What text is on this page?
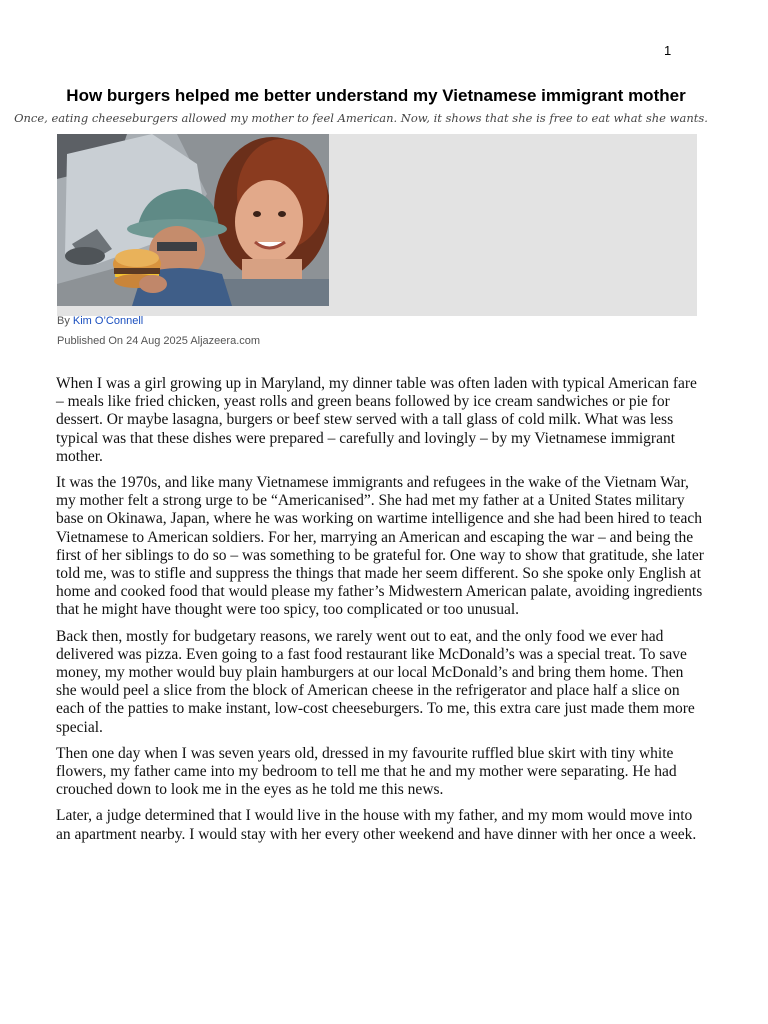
1
How burgers helped me better understand my Vietnamese immigrant mother

Once, eating cheeseburgers allowed my mother to feel American. Now, it shows that she is free to eat what she wants.

By Kim O’Connell
Published On 24 Aug 2025 Aljazeera.com

When I was a girl growing up in Maryland, my dinner table was often laden with typical American fare – meals like fried chicken, yeast rolls and green beans followed by ice cream sandwiches or pie for dessert. Or maybe lasagna, burgers or beef stew served with a tall glass of cold milk. What was less typical was that these dishes were prepared – carefully and lovingly – by my Vietnamese immigrant mother.

It was the 1970s, and like many Vietnamese immigrants and refugees in the wake of the Vietnam War, my mother felt a strong urge to be “Americanised”. She had met my father at a United States military base on Okinawa, Japan, where he was working on wartime intelligence and she had been hired to teach Vietnamese to American soldiers. For her, marrying an American and escaping the war – and being the first of her siblings to do so – was something to be grateful for. One way to show that gratitude, she later told me, was to stifle and suppress the things that made her seem different. So she spoke only English at home and cooked food that would please my father’s Midwestern American palate, avoiding ingredients that he might have thought were too spicy, too complicated or too unusual.

Back then, mostly for budgetary reasons, we rarely went out to eat, and the only food we ever had delivered was pizza. Even going to a fast food restaurant like McDonald’s was a special treat. To save money, my mother would buy plain hamburgers at our local McDonald’s and bring them home. Then she would peel a slice from the block of American cheese in the refrigerator and place half a slice on each of the patties to make instant, low-cost cheeseburgers. To me, this extra care just made them more special.

Then one day when I was seven years old, dressed in my favourite ruffled blue skirt with tiny white flowers, my father came into my bedroom to tell me that he and my mother were separating. He had crouched down to look me in the eyes as he told me this news.

Later, a judge determined that I would live in the house with my father, and my mom would move into an apartment nearby. I would stay with her every other weekend and have dinner with her once a week.
